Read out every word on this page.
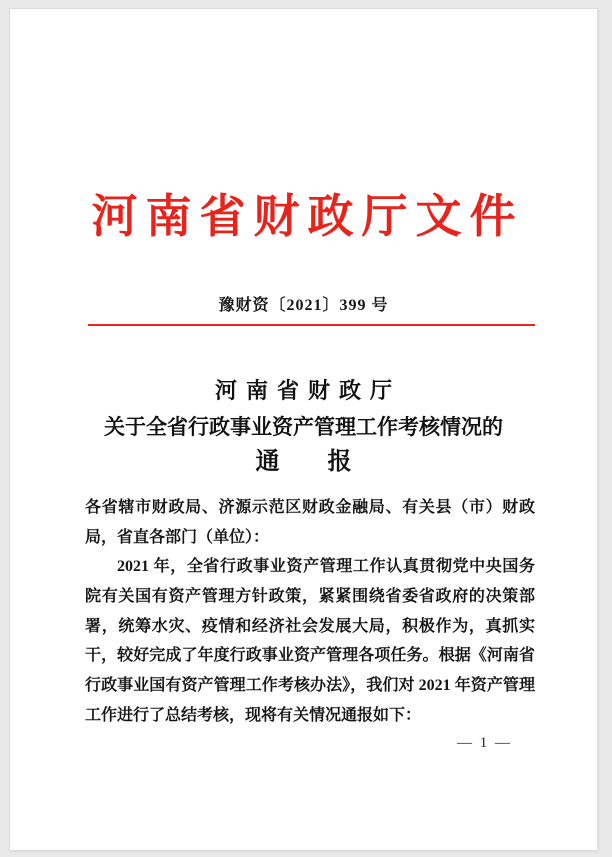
河南省财政厅文件
豫财资〔2021〕399 号
河南省财政厅
关于全省行政事业资产管理工作考核情况的
通　　报
各省辖市财政局、济源示范区财政金融局、有关县（市）财政
局，省直各部门（单位）：
2021 年，全省行政事业资产管理工作认真贯彻党中央国务
院有关国有资产管理方针政策，紧紧围绕省委省政府的决策部
署，统筹水灾、疫情和经济社会发展大局，积极作为，真抓实
干，较好完成了年度行政事业资产管理各项任务。根据《河南省
行政事业国有资产管理工作考核办法》，我们对 2021 年资产管理
工作进行了总结考核，现将有关情况通报如下：
— 1 —
